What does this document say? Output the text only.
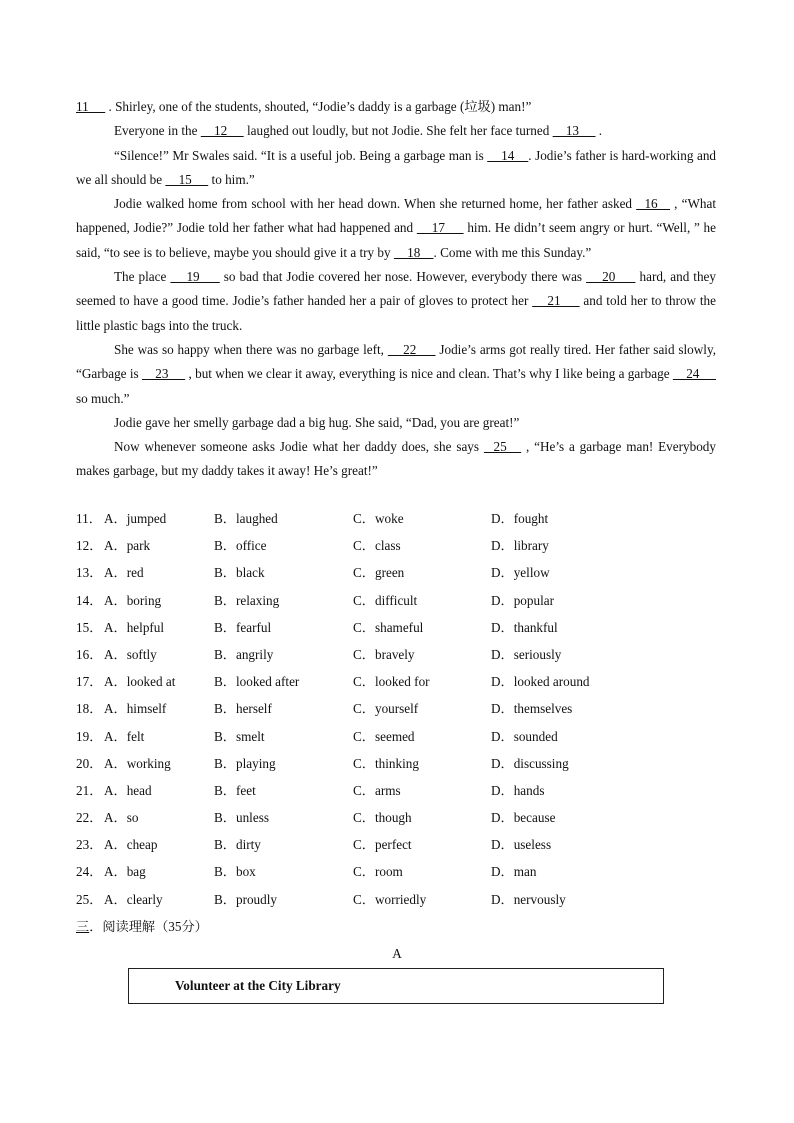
11      . Shirley, one of the students, shouted, “Jodie’s daddy is a garbage (垃圾) man!”

Everyone in the     12      laughed out loudly, but not Jodie. She felt her face turned     13      .

“Silence!” Mr Swales said. “It is a useful job. Being a garbage man is     14    . Jodie’s father is hard-working and we all should be     15      to him.”

Jodie walked home from school with her head down. When she returned home, her father asked   16    , “What happened, Jodie?” Jodie told her father what had happened and     17      him. He didn’t seem angry or hurt. “Well, ” he said, “to see is to believe, maybe you should give it a try by     18    . Come with me this Sunday.”

The place     19      so bad that Jodie covered her nose. However, everybody there was     20      hard, and they seemed to have a good time. Jodie’s father handed her a pair of gloves to protect her     21      and told her to throw the little plastic bags into the truck.

She was so happy when there was no garbage left,     22      Jodie’s arms got really tired. Her father said slowly, “Garbage is     23      , but when we clear it away, everything is nice and clean. That’s why I like being a garbage     24      so much.”

Jodie gave her smelly garbage dad a big hug. She said, “Dad, you are great!”

Now whenever someone asks Jodie what her daddy does, she says   25    , “He’s a garbage man! Everybody makes garbage, but my daddy takes it away! He’s great!”

11． A．jumped	B．laughed	C．woke	D．fought
12． A．park	B．office	C．class	D．library
13． A．red	B．black	C．green	D．yellow
14． A．boring	B．relaxing	C．difficult	D．popular
15． A．helpful	B．fearful	C．shameful	D．thankful
16． A．softly	B．angrily	C．bravely	D．seriously
17． A．looked at	B．looked after	C．looked for	D．looked around
18． A．himself	B．herself	C．yourself	D．themselves
19． A．felt	B．smelt	C．seemed	D．sounded
20． A．working	B．playing	C．thinking	D．discussing
21． A．head	B．feet	C．arms	D．hands
22． A．so	B．unless	C．though	D．because
23． A．cheap	B．dirty	C．perfect	D．useless
24． A．bag	B．box	C．room	D．man
25． A．clearly	B．proudly	C．worriedly	D．nervously
三．阅读理解（35分）
A
Volunteer at the City Library
